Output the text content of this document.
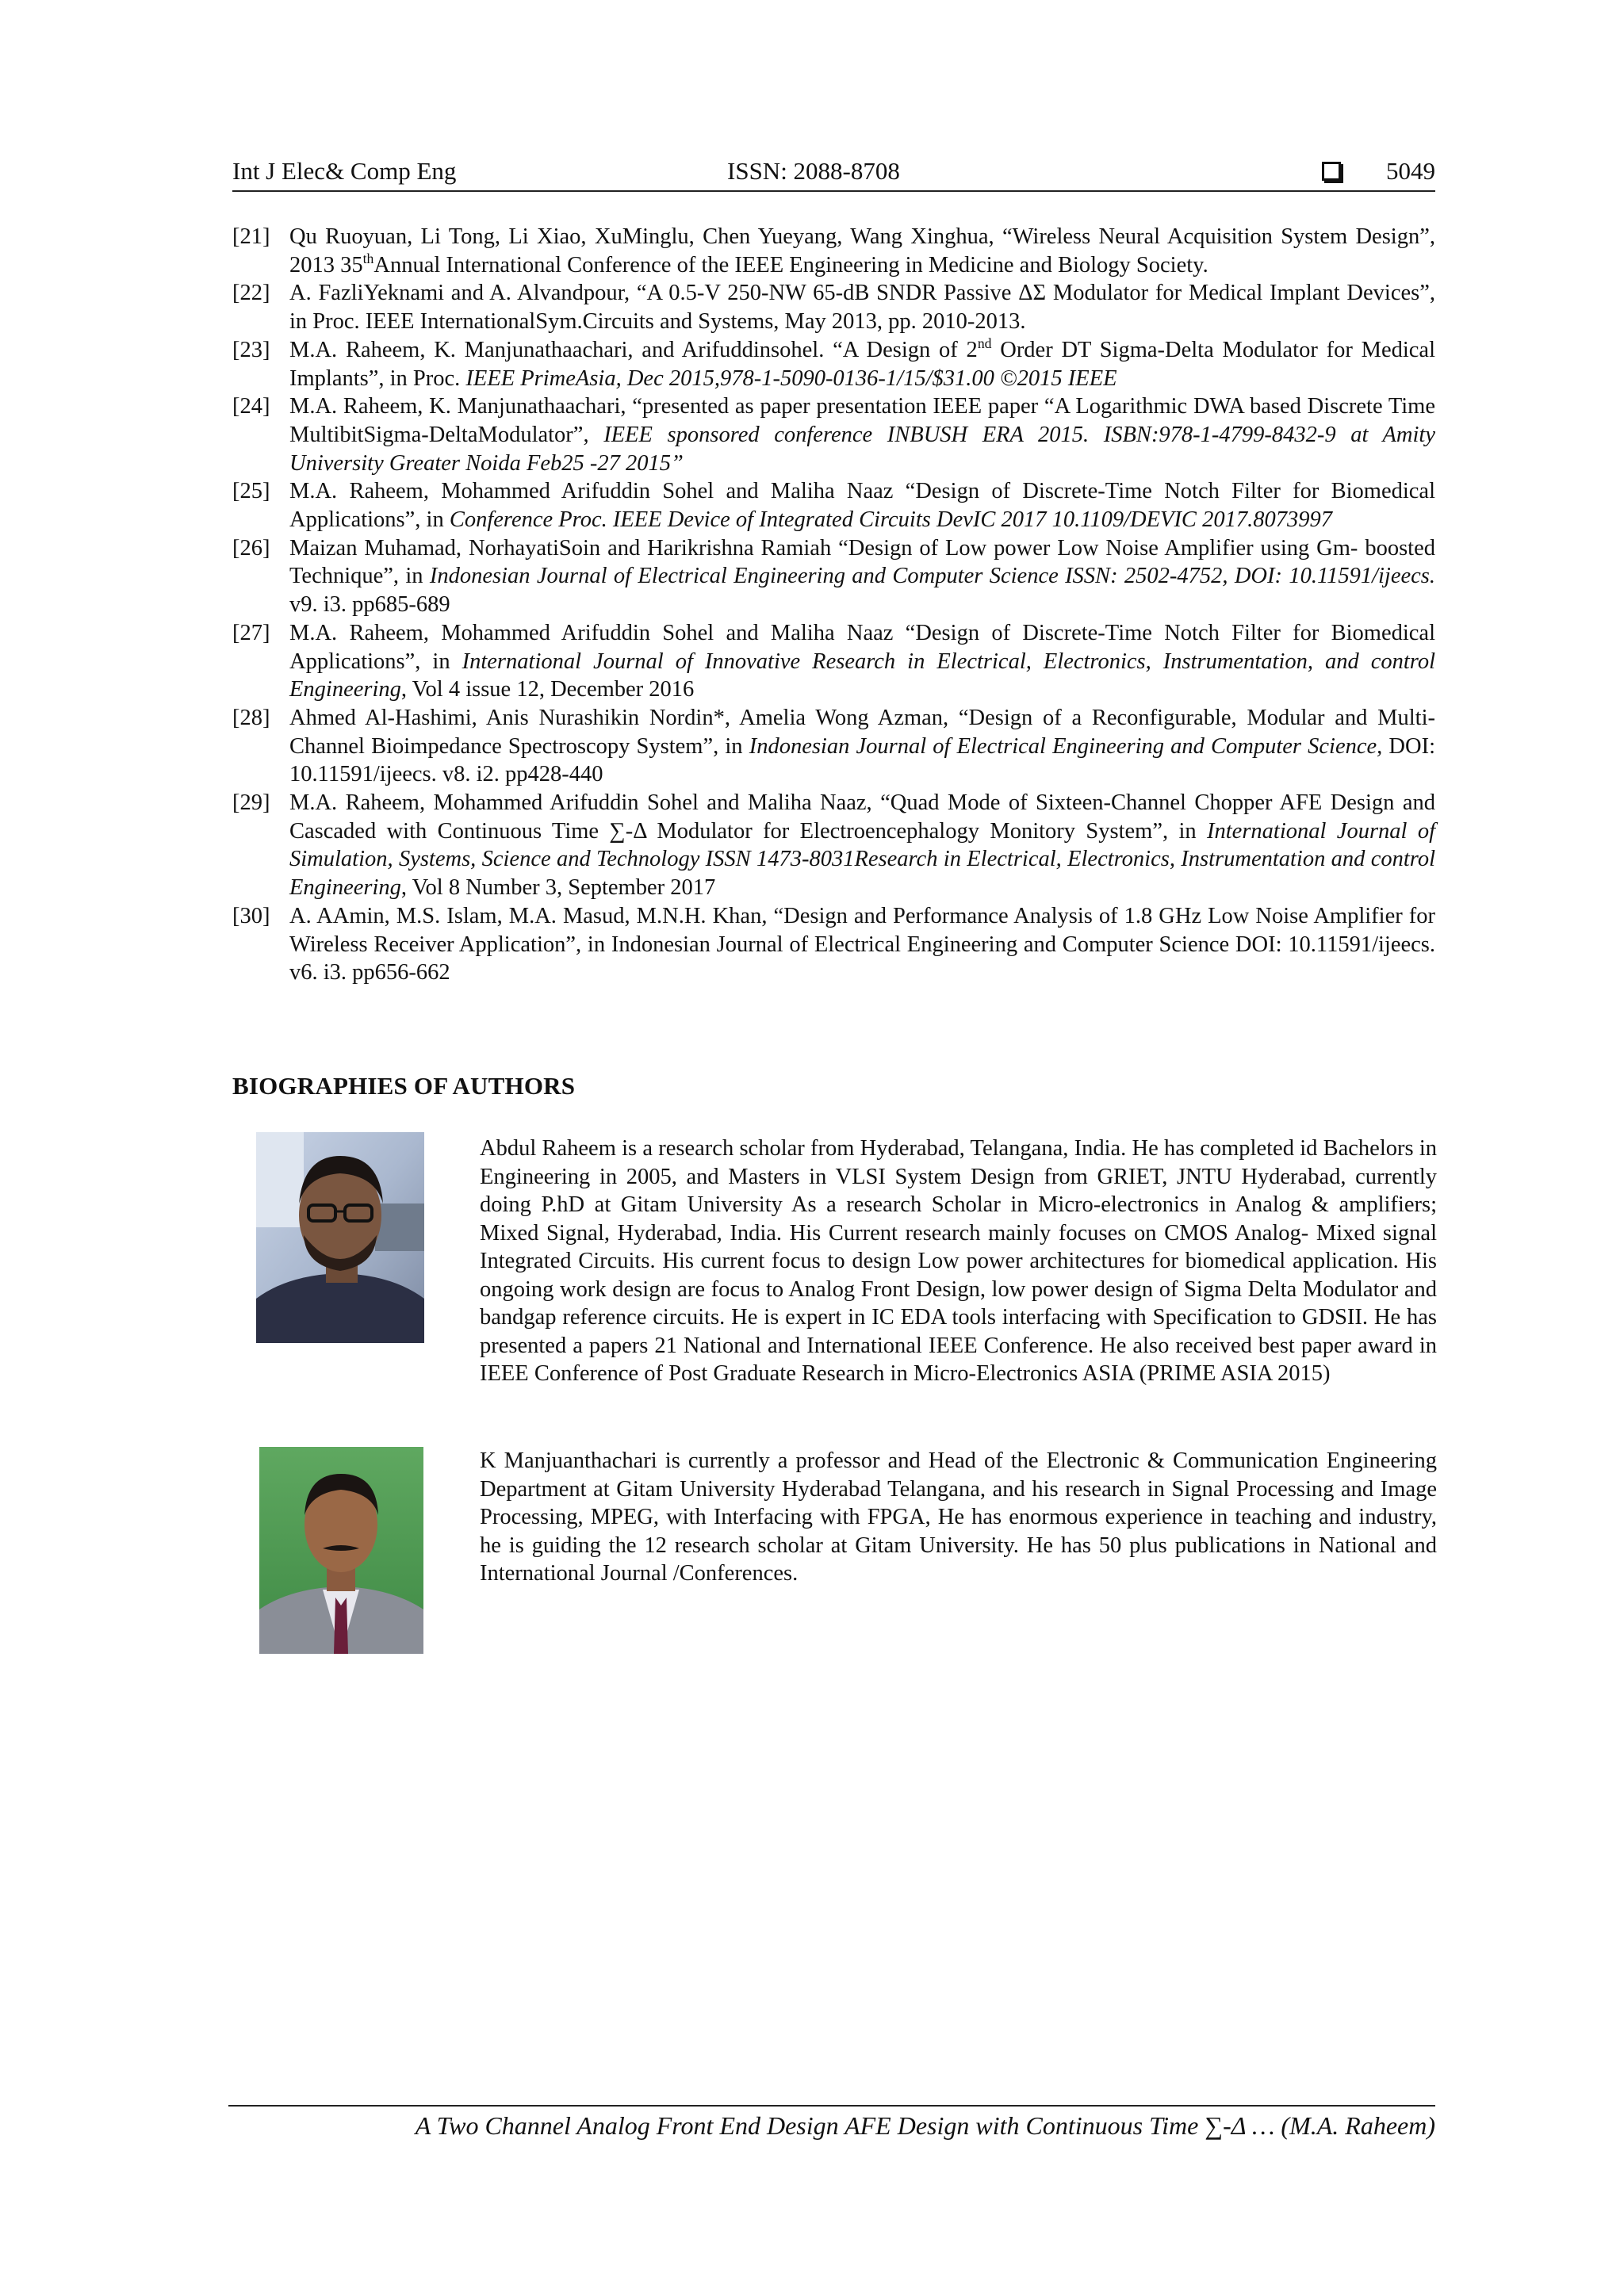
Int J Elec& Comp Eng	ISSN: 2088-8708	5049
[21] Qu Ruoyuan, Li Tong, Li Xiao, XuMinglu, Chen Yueyang, Wang Xinghua, “Wireless Neural Acquisition System Design”, 2013 35thAnnual International Conference of the IEEE Engineering in Medicine and Biology Society.
[22] A. FazliYeknami and A. Alvandpour, “A 0.5-V 250-NW 65-dB SNDR Passive ΔΣ Modulator for Medical Implant Devices”, in Proc. IEEE InternationalSym.Circuits and Systems, May 2013, pp. 2010-2013.
[23] M.A. Raheem, K. Manjunathaachari, and Arifuddinsohel. “A Design of 2nd Order DT Sigma-Delta Modulator for Medical Implants”, in Proc. IEEE PrimeAsia, Dec 2015,978-1-5090-0136-1/15/$31.00 ©2015 IEEE
[24] M.A. Raheem, K. Manjunathaachari, “presented as paper presentation IEEE paper “A Logarithmic DWA based Discrete Time MultibitSigma-DeltaModulator”, IEEE sponsored conference INBUSH ERA 2015. ISBN:978-1-4799-8432-9 at Amity University Greater Noida Feb25 -27 2015”
[25] M.A. Raheem, Mohammed Arifuddin Sohel and Maliha Naaz “Design of Discrete-Time Notch Filter for Biomedical Applications”, in Conference Proc. IEEE Device of Integrated Circuits DevIC 2017 10.1109/DEVIC 2017.8073997
[26] Maizan Muhamad, NorhayatiSoin and Harikrishna Ramiah “Design of Low power Low Noise Amplifier using Gm- boosted Technique”, in Indonesian Journal of Electrical Engineering and Computer Science ISSN: 2502-4752, DOI: 10.11591/ijeecs. v9. i3. pp685-689
[27] M.A. Raheem, Mohammed Arifuddin Sohel and Maliha Naaz “Design of Discrete-Time Notch Filter for Biomedical Applications”, in International Journal of Innovative Research in Electrical, Electronics, Instrumentation, and control Engineering, Vol 4 issue 12, December 2016
[28] Ahmed Al-Hashimi, Anis Nurashikin Nordin*, Amelia Wong Azman, “Design of a Reconfigurable, Modular and Multi-Channel Bioimpedance Spectroscopy System”, in Indonesian Journal of Electrical Engineering and Computer Science, DOI: 10.11591/ijeecs. v8. i2. pp428-440
[29] M.A. Raheem, Mohammed Arifuddin Sohel and Maliha Naaz, “Quad Mode of Sixteen-Channel Chopper AFE Design and Cascaded with Continuous Time ∑-Δ Modulator for Electroencephalogy Monitory System”, in International Journal of Simulation, Systems, Science and Technology ISSN 1473-8031Research in Electrical, Electronics, Instrumentation and control Engineering, Vol 8 Number 3, September 2017
[30] A. AAmin, M.S. Islam, M.A. Masud, M.N.H. Khan, “Design and Performance Analysis of 1.8 GHz Low Noise Amplifier for Wireless Receiver Application”, in Indonesian Journal of Electrical Engineering and Computer Science DOI: 10.11591/ijeecs. v6. i3. pp656-662
BIOGRAPHIES OF AUTHORS
Abdul Raheem is a research scholar from Hyderabad, Telangana, India. He has completed id Bachelors in Engineering in 2005, and Masters in VLSI System Design from GRIET, JNTU Hyderabad, currently doing P.hD at Gitam University As a research Scholar in Micro-electronics in Analog & amplifiers; Mixed Signal, Hyderabad, India. His Current research mainly focuses on CMOS Analog- Mixed signal Integrated Circuits. His current focus to design Low power architectures for biomedical application. His ongoing work design are focus to Analog Front Design, low power design of Sigma Delta Modulator and bandgap reference circuits. He is expert in IC EDA tools interfacing with Specification to GDSII. He has presented a papers 21 National and International IEEE Conference. He also received best paper award in IEEE Conference of Post Graduate Research in Micro-Electronics ASIA (PRIME ASIA 2015)
K Manjuanthachari is currently a professor and Head of the Electronic & Communication Engineering Department at Gitam University Hyderabad Telangana, and his research in Signal Processing and Image Processing, MPEG, with Interfacing with FPGA, He has enormous experience in teaching and industry, he is guiding the 12 research scholar at Gitam University. He has 50 plus publications in National and International Journal /Conferences.
A Two Channel Analog Front End Design AFE Design with Continuous Time ∑-Δ … (M.A. Raheem)
